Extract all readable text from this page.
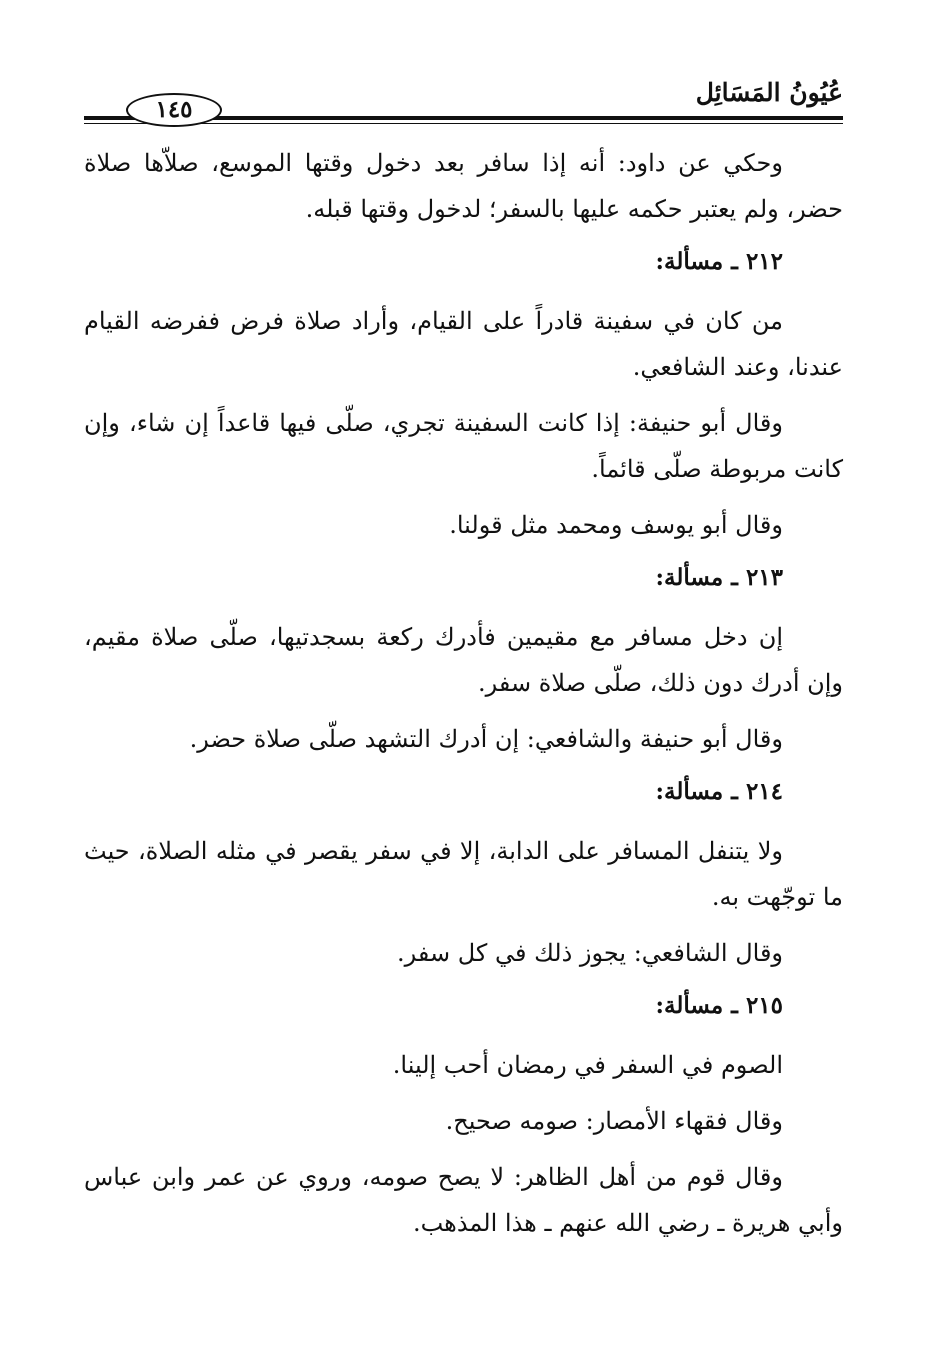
عُيُونُ المَسَائِل
١٤٥

وحكي عن داود: أنه إذا سافر بعد دخول وقتها الموسع، صلاّها صلاة حضر، ولم يعتبر حكمه عليها بالسفر؛ لدخول وقتها قبله.

٢١٢ ـ مسألة:

من كان في سفينة قادراً على القيام، وأراد صلاة فرض ففرضه القيام عندنا، وعند الشافعي.

وقال أبو حنيفة: إذا كانت السفينة تجري، صلّى فيها قاعداً إن شاء، وإن كانت مربوطة صلّى قائماً.

وقال أبو يوسف ومحمد مثل قولنا.

٢١٣ ـ مسألة:

إن دخل مسافر مع مقيمين فأدرك ركعة بسجدتيها، صلّى صلاة مقيم، وإن أدرك دون ذلك، صلّى صلاة سفر.

وقال أبو حنيفة والشافعي: إن أدرك التشهد صلّى صلاة حضر.

٢١٤ ـ مسألة:

ولا يتنفل المسافر على الدابة، إلا في سفر يقصر في مثله الصلاة، حيث ما توجّهت به.

وقال الشافعي: يجوز ذلك في كل سفر.

٢١٥ ـ مسألة:

الصوم في السفر في رمضان أحب إلينا.

وقال فقهاء الأمصار: صومه صحيح.

وقال قوم من أهل الظاهر: لا يصح صومه، وروي عن عمر وابن عباس وأبي هريرة ـ رضي الله عنهم ـ هذا المذهب.
